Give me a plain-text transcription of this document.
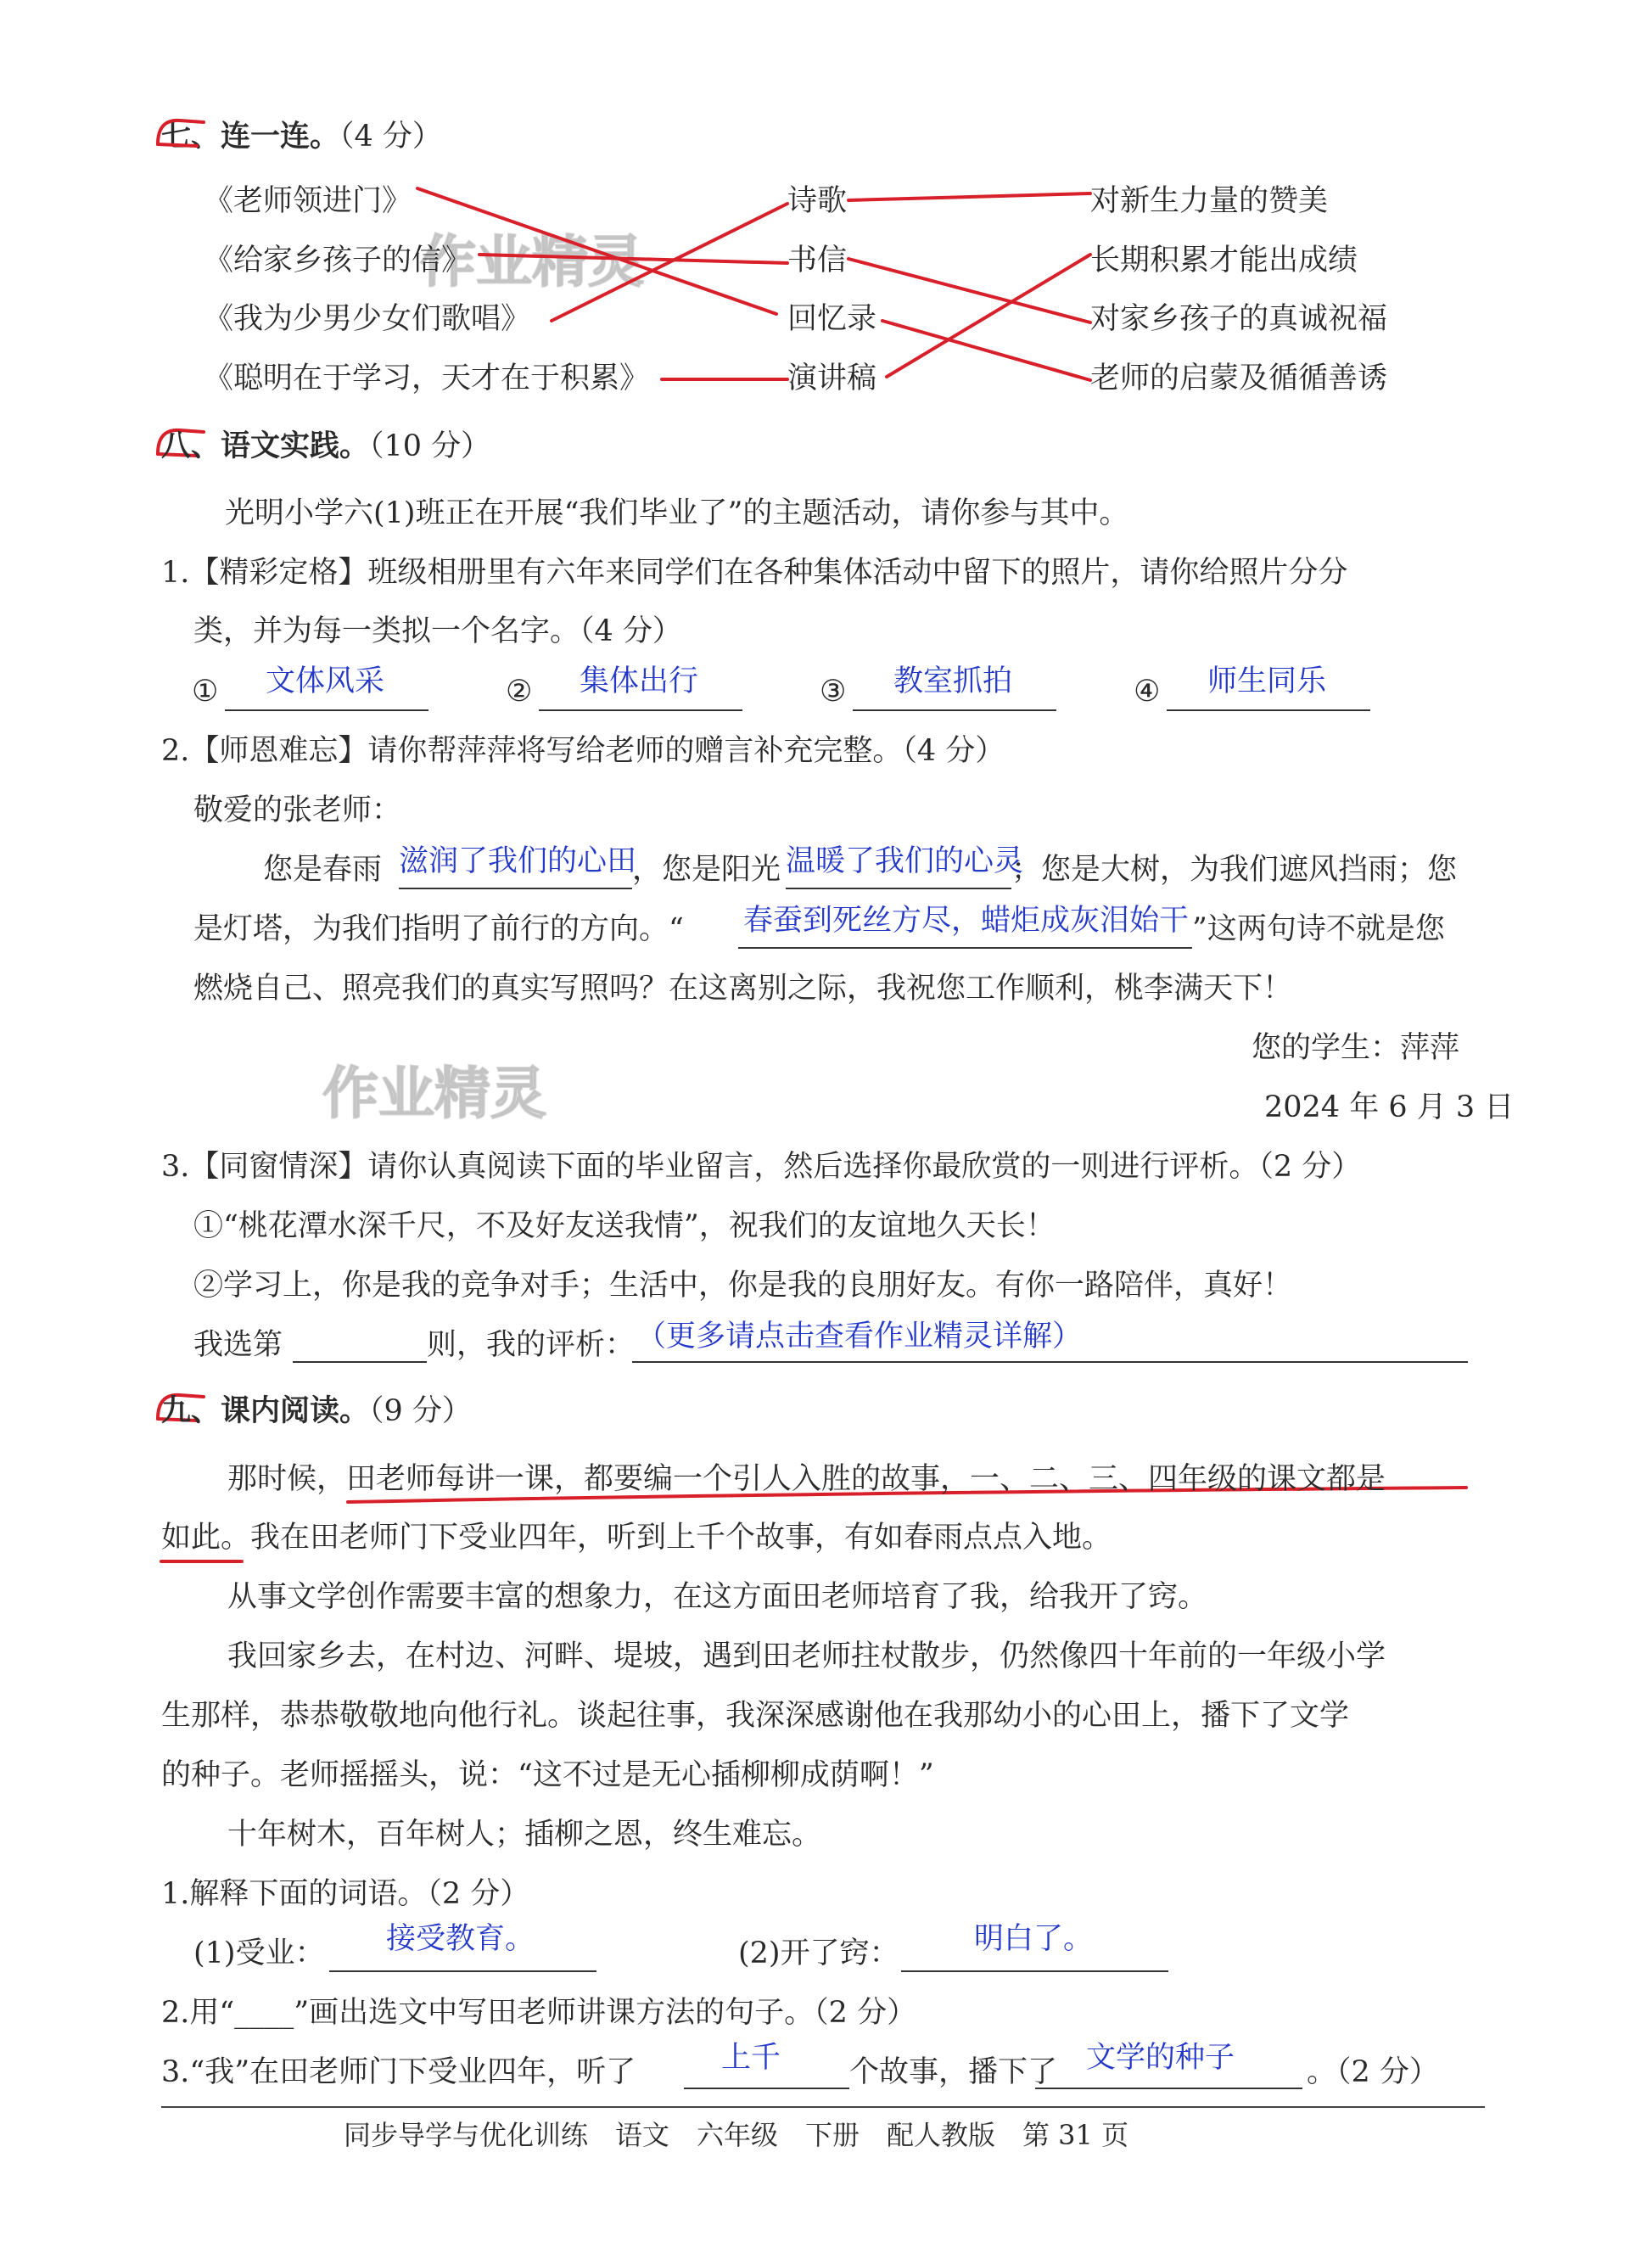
作业精灵
作业精灵
七、连一连。（4 分）
《老师领进门》
《给家乡孩子的信》
《我为少男少女们歌唱》
《聪明在于学习，天才在于积累》
诗歌
书信
回忆录
演讲稿
对新生力量的赞美
长期积累才能出成绩
对家乡孩子的真诚祝福
老师的启蒙及循循善诱
八、语文实践。（10 分）
光明小学六(1)班正在开展“我们毕业了”的主题活动，请你参与其中。
1.【精彩定格】班级相册里有六年来同学们在各种集体活动中留下的照片，请你给照片分分
类，并为每一类拟一个名字。（4 分）
① 文体风采	② 集体出行	③ 教室抓拍	④ 师生同乐
2.【师恩难忘】请你帮萍萍将写给老师的赠言补充完整。（4 分）
敬爱的张老师：
您是春雨 滋润了我们的心田
，您是阳光 温暖了我们的心灵
；您是大树，为我们遮风挡雨；您
是灯塔，为我们指明了前行的方向。“ 春蚕到死丝方尽，蜡炬成灰泪始干 ”这两句诗不就是您
燃烧自己、照亮我们的真实写照吗？在这离别之际，我祝您工作顺利，桃李满天下！
您的学生：萍萍
2024 年 6 月 3 日
3.【同窗情深】请你认真阅读下面的毕业留言，然后选择你最欣赏的一则进行评析。（2 分）
①“桃花潭水深千尺，不及好友送我情”，祝我们的友谊地久天长！
②学习上，你是我的竞争对手；生活中，你是我的良朋好友。有你一路陪伴，真好！
我选第	则，我的评析： （更多请点击查看作业精灵详解）
九、课内阅读。（9 分）
那时候，田老师每讲一课，都要编一个引人入胜的故事，一、二、三、四年级的课文都是
如此。我在田老师门下受业四年，听到上千个故事，有如春雨点点入地。
从事文学创作需要丰富的想象力，在这方面田老师培育了我，给我开了窍。
我回家乡去，在村边、河畔、堤坡，遇到田老师拄杖散步，仍然像四十年前的一年级小学
生那样，恭恭敬敬地向他行礼。谈起往事，我深深感谢他在我那幼小的心田上，播下了文学
的种子。老师摇摇头，说：“这不过是无心插柳柳成荫啊！”
十年树木，百年树人；插柳之恩，终生难忘。
1.解释下面的词语。（2 分）
(1)受业： 接受教育。	(2)开了窍：	明白了。
2.用“____”画出选文中写田老师讲课方法的句子。（2 分）
3.“我”在田老师门下受业四年，听了	上千 个故事，播下了 文学的种子 。（2 分）
同步导学与优化训练　语文　六年级　下册　配人教版　第 31 页
